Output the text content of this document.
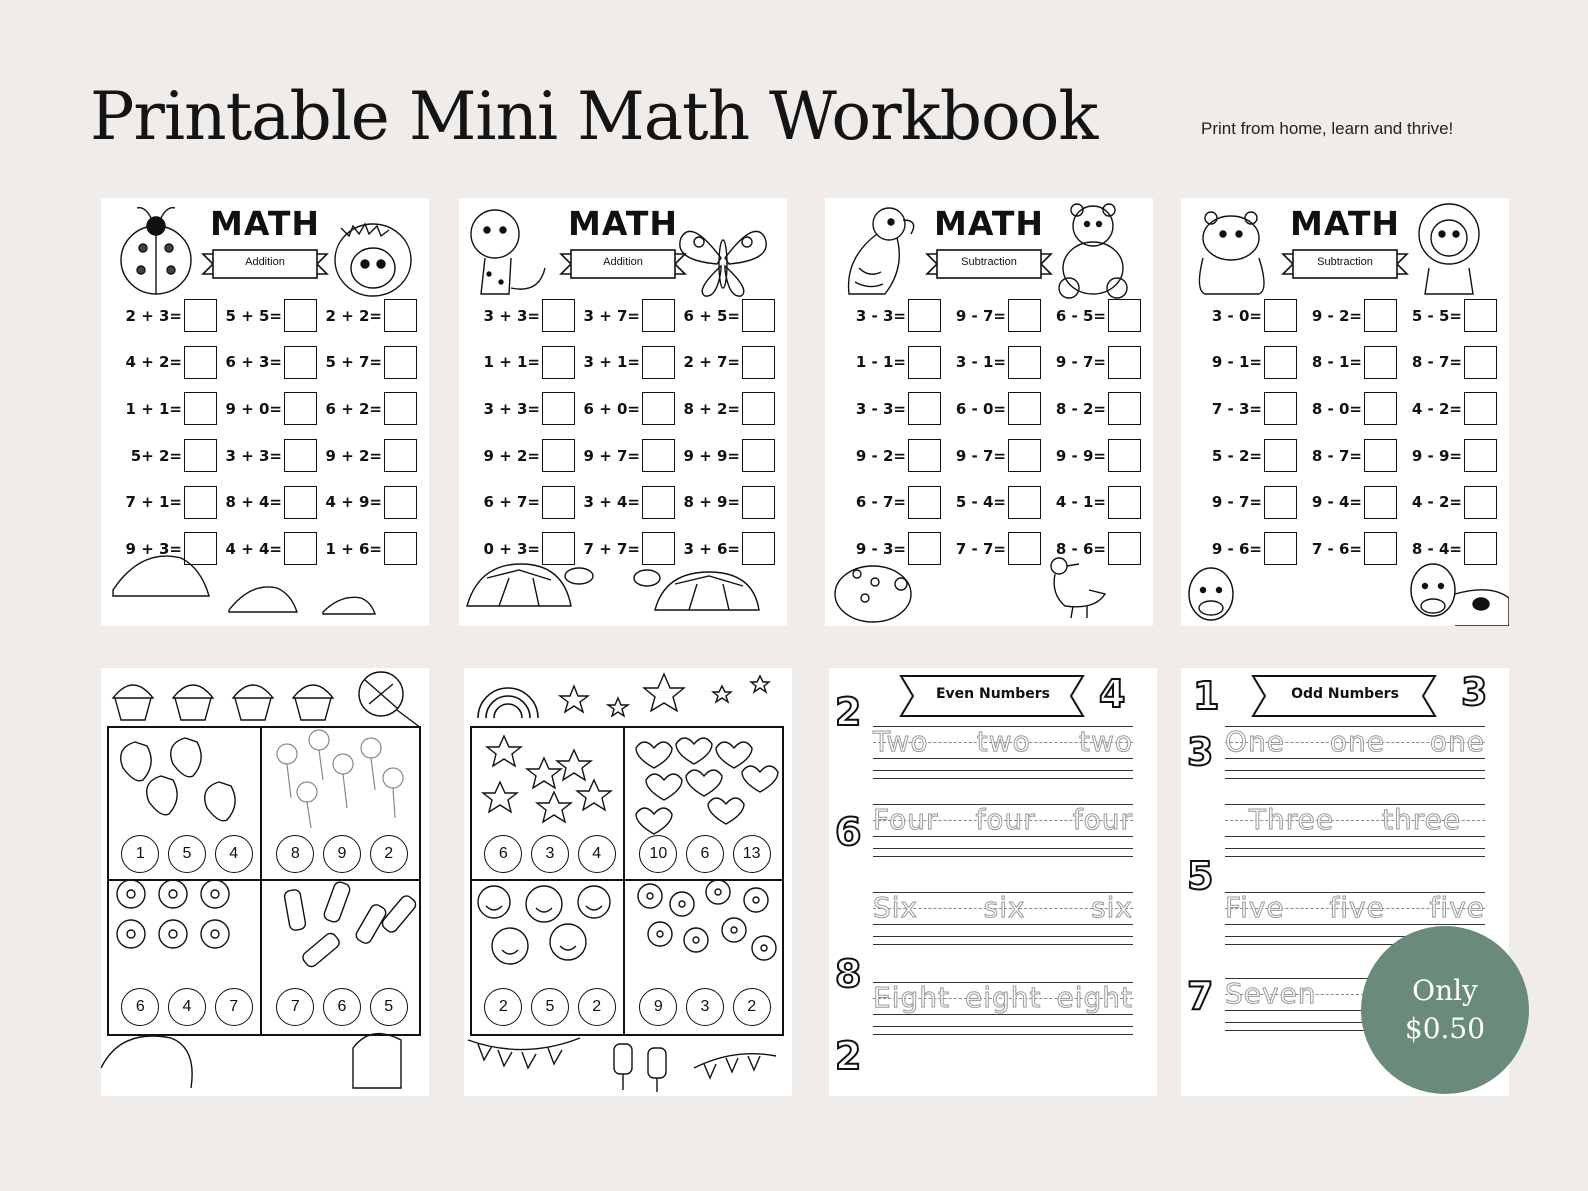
Printable Mini Math Workbook	Print from home, learn and thrive!
MATH
Addition
2 + 3=	5 + 5=	2 + 2=
4 + 2=	6 + 3=	5 + 7=
1 + 1=	9 + 0=	6 + 2=
5+ 2=	3 + 3=	9 + 2=
7 + 1=	8 + 4=	4 + 9=
9 + 3=	4 + 4=	1 + 6=
MATH
Addition
3 + 3=	3 + 7=	6 + 5=
1 + 1=	3 + 1=	2 + 7=
3 + 3=	6 + 0=	8 + 2=
9 + 2=	9 + 7=	9 + 9=
6 + 7=	3 + 4=	8 + 9=
0 + 3=	7 + 7=	3 + 6=
MATH
Subtraction
3 - 3=	9 - 7=	6 - 5=
1 - 1=	3 - 1=	9 - 7=
3 - 3=	6 - 0=	8 - 2=
9 - 2=	9 - 7=	9 - 9=
6 - 7=	5 - 4=	4 - 1=
9 - 3=	7 - 7=	8 - 6=
MATH
Subtraction
3 - 0=	9 - 2=	5 - 5=
9 - 1=	8 - 1=	8 - 7=
7 - 3=	8 - 0=	4 - 2=
5 - 2=	8 - 7=	9 - 9=
9 - 7=	9 - 4=	4 - 2=
9 - 6=	7 - 6=	8 - 4=
1	5	4	8	9	2
6	4	7	7	6	5
6	3	4	10	6	13
2	5	2	9	3	2
Even Numbers
2	4
6
8
2
Two two two
Four four four
Six six six
Eight eight eight
Odd Numbers
1	3
3
5
7
One one one
Three three
Five five five
Seven	Only
$0.50
